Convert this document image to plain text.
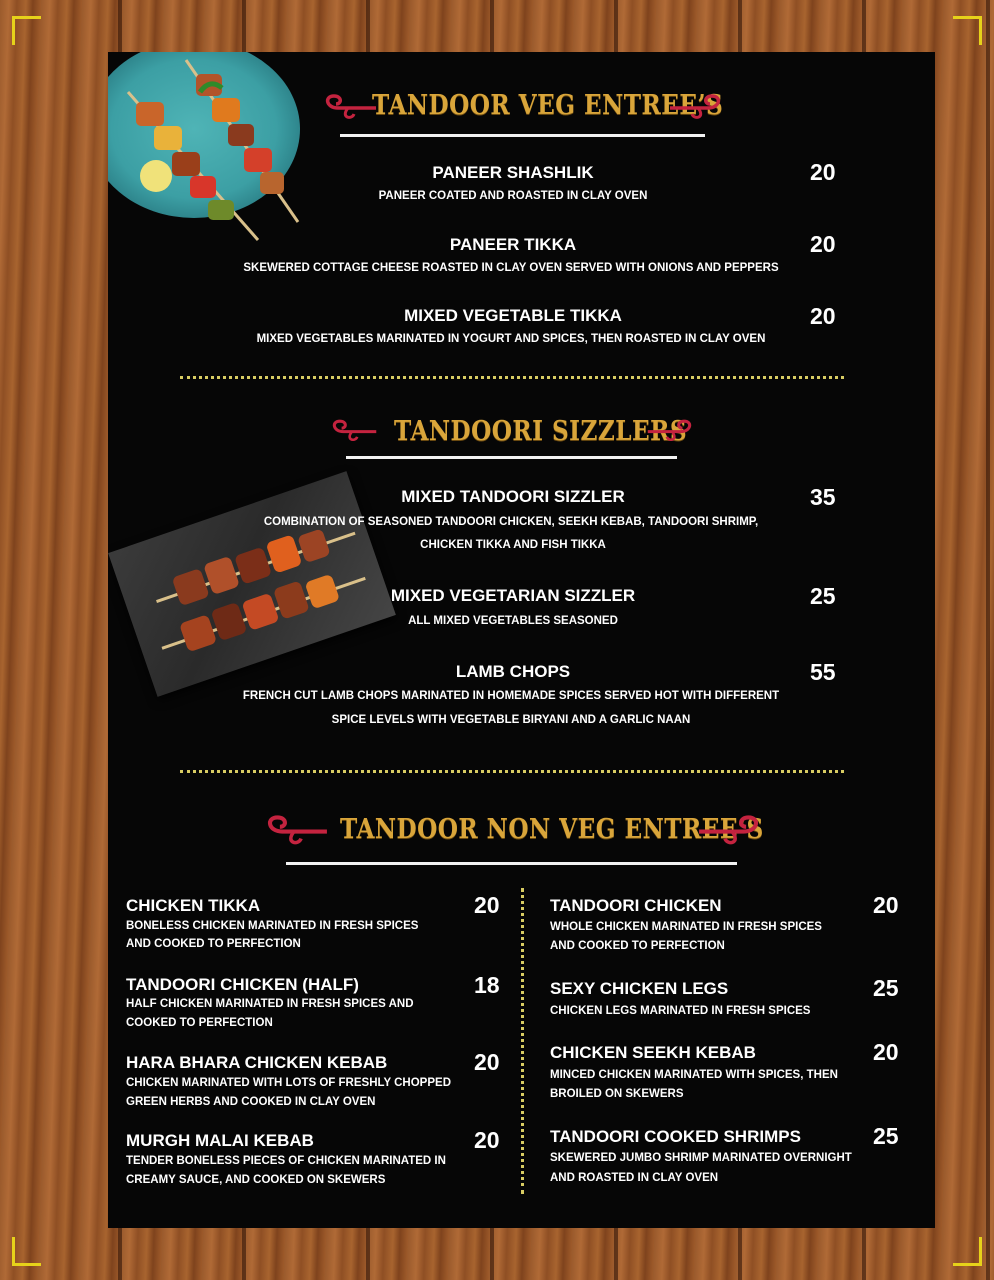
TANDOOR VEG ENTREE’S
PANEER SHASHLIK
PANEER COATED AND ROASTED IN CLAY OVEN
20
PANEER TIKKA
SKEWERED COTTAGE CHEESE ROASTED IN CLAY OVEN SERVED WITH ONIONS AND PEPPERS
20
MIXED VEGETABLE TIKKA
MIXED VEGETABLES MARINATED IN YOGURT AND SPICES, THEN ROASTED IN CLAY OVEN
20
TANDOORI SIZZLERS
MIXED TANDOORI SIZZLER
COMBINATION OF SEASONED TANDOORI CHICKEN, SEEKH KEBAB, TANDOORI SHRIMP,
CHICKEN TIKKA AND FISH TIKKA
35
MIXED VEGETARIAN SIZZLER
ALL MIXED VEGETABLES SEASONED
25
LAMB CHOPS
FRENCH CUT LAMB CHOPS MARINATED IN HOMEMADE SPICES SERVED HOT WITH DIFFERENT
SPICE LEVELS WITH VEGETABLE BIRYANI AND A GARLIC NAAN
55
TANDOOR NON VEG ENTREE’S
CHICKEN TIKKA
BONELESS CHICKEN MARINATED IN FRESH SPICES
AND COOKED TO PERFECTION
20
TANDOORI CHICKEN (HALF)
HALF CHICKEN MARINATED IN FRESH SPICES AND
COOKED TO PERFECTION
18
HARA BHARA CHICKEN KEBAB
CHICKEN MARINATED WITH LOTS OF FRESHLY CHOPPED
GREEN HERBS AND COOKED IN CLAY OVEN
20
MURGH MALAI KEBAB
TENDER BONELESS PIECES OF CHICKEN MARINATED IN
CREAMY SAUCE, AND COOKED ON SKEWERS
20
TANDOORI CHICKEN
WHOLE CHICKEN MARINATED IN FRESH SPICES
AND COOKED TO PERFECTION
20
SEXY CHICKEN LEGS
CHICKEN LEGS MARINATED IN FRESH SPICES
25
CHICKEN SEEKH KEBAB
MINCED CHICKEN MARINATED WITH SPICES, THEN
BROILED ON SKEWERS
20
TANDOORI COOKED SHRIMPS
SKEWERED JUMBO SHRIMP MARINATED OVERNIGHT
AND ROASTED IN CLAY OVEN
25
